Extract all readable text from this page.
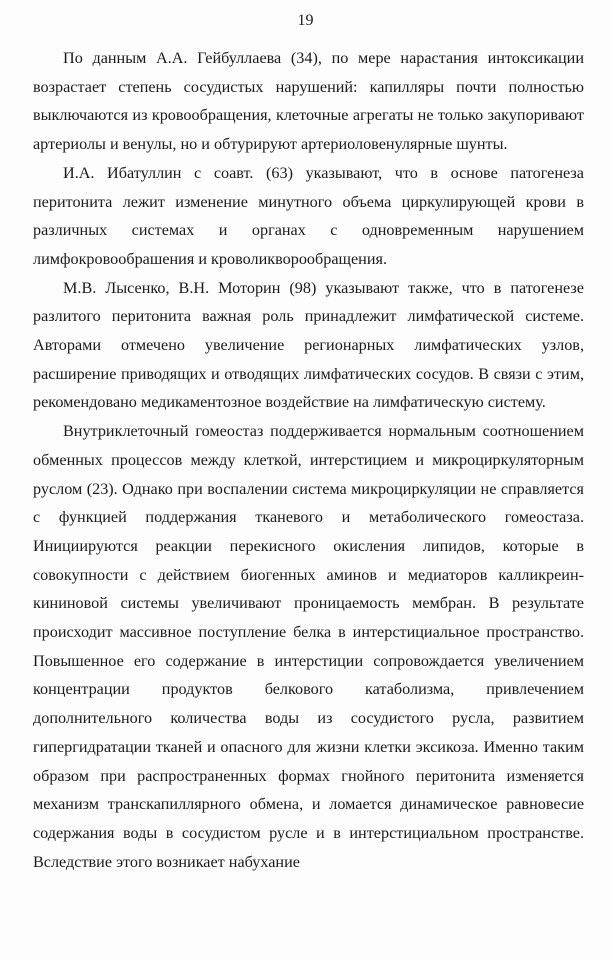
19

По данным А.А. Гейбуллаева (34), по мере нарастания интоксикации возрастает степень сосудистых нарушений: капилляры почти полностью выключаются из кровообращения, клеточные агрегаты не только закупоривают артериолы и венулы, но и обтурируют артериоловенулярные шунты.

И.А. Ибатуллин с соавт. (63) указывают, что в основе патогенеза перитонита лежит изменение минутного объема циркулирующей крови в различных системах и органах с одновременным нарушением лимфокровообрашения и кроволикворообращения.

М.В. Лысенко, В.Н. Моторин (98) указывают также, что в патогенезе разлитого перитонита важная роль принадлежит лимфатической системе. Авторами отмечено увеличение регионарных лимфатических узлов, расширение приводящих и отводящих лимфатических сосудов. В связи с этим, рекомендовано медикаментозное воздействие на лимфатическую систему.

Внутриклеточный гомеостаз поддерживается нормальным соотношением обменных процессов между клеткой, интерстицием и микроциркуляторным руслом (23). Однако при воспалении система микроциркуляции не справляется с функцией поддержания тканевого и метаболического гомеостаза. Инициируются реакции перекисного окисления липидов, которые в совокупности с действием биогенных аминов и медиаторов калликреин-кининовой системы увеличивают проницаемость мембран. В результате происходит массивное поступление белка в интерстициальное пространство. Повышенное его содержание в интерстиции сопровождается увеличением концентрации продуктов белкового катаболизма, привлечением дополнительного количества воды из сосудистого русла, развитием гипергидратации тканей и опасного для жизни клетки эксикоза. Именно таким образом при распространенных формах гнойного перитонита изменяется механизм транскапиллярного обмена, и ломается динамическое равновесие содержания воды в сосудистом русле и в интерстициальном пространстве. Вследствие этого возникает набухание
